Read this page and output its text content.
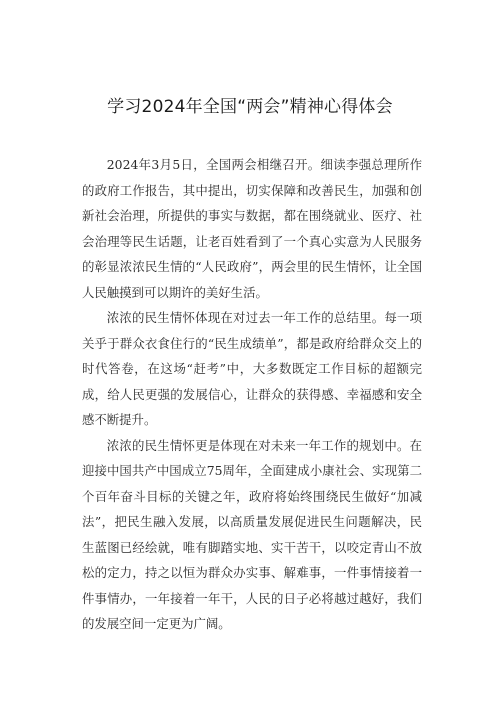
学习2024年全国“两会”精神心得体会

2024年3月5日，全国两会相继召开。细读李强总理所作的政府工作报告，其中提出，切实保障和改善民生，加强和创新社会治理，所提供的事实与数据，都在围绕就业、医疗、社会治理等民生话题，让老百姓看到了一个真心实意为人民服务的彰显浓浓民生情的“人民政府”，两会里的民生情怀，让全国人民触摸到可以期许的美好生活。

浓浓的民生情怀体现在对过去一年工作的总结里。每一项关乎于群众衣食住行的“民生成绩单”，都是政府给群众交上的时代答卷，在这场“赶考”中，大多数既定工作目标的超额完成，给人民更强的发展信心，让群众的获得感、幸福感和安全感不断提升。

浓浓的民生情怀更是体现在对未来一年工作的规划中。在迎接中国共产中国成立75周年，全面建成小康社会、实现第二个百年奋斗目标的关键之年，政府将始终围绕民生做好“加减法”，把民生融入发展，以高质量发展促进民生问题解决，民生蓝图已经绘就，唯有脚踏实地、实干苦干，以咬定青山不放松的定力，持之以恒为群众办实事、解难事，一件事情接着一件事情办，一年接着一年干，人民的日子必将越过越好，我们的发展空间一定更为广阔。
